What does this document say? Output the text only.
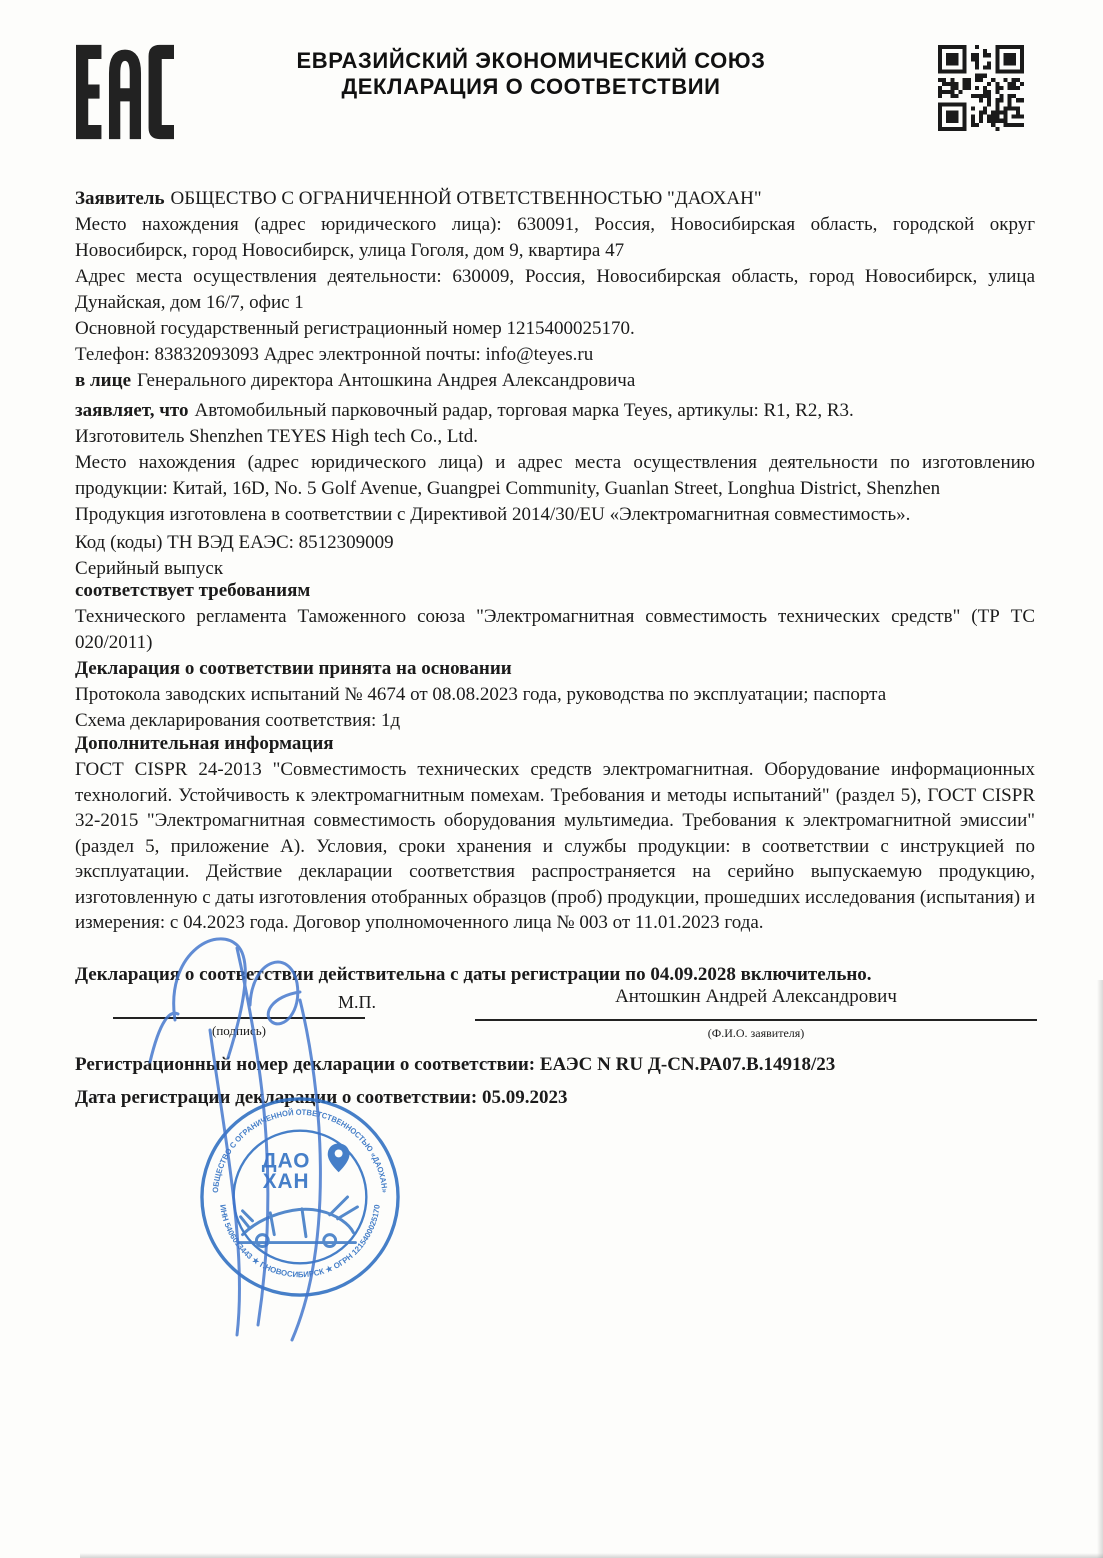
ЕВРАЗИЙСКИЙ ЭКОНОМИЧЕСКИЙ СОЮЗ
ДЕКЛАРАЦИЯ О СООТВЕТСТВИИ

Заявитель ОБЩЕСТВО С ОГРАНИЧЕННОЙ ОТВЕТСТВЕННОСТЬЮ "ДАОХАН"

Место нахождения (адрес юридического лица): 630091, Россия, Новосибирская область, городской округ Новосибирск, город Новосибирск, улица Гоголя, дом 9, квартира 47

Адрес места осуществления деятельности: 630009, Россия, Новосибирская область, город Новосибирск, улица Дунайская, дом 16/7, офис 1

Основной государственный регистрационный номер 1215400025170.

Телефон: 83832093093 Адрес электронной почты: info@teyes.ru

в лице Генерального директора Антошкина Андрея Александровича

заявляет, что Автомобильный парковочный радар, торговая марка Teyes, артикулы: R1, R2, R3.

Изготовитель Shenzhen TEYES High tech Co., Ltd.

Место нахождения (адрес юридического лица) и адрес места осуществления деятельности по изготовлению продукции: Китай, 16D, No. 5 Golf Avenue, Guangpei Community, Guanlan Street, Longhua District, Shenzhen

Продукция изготовлена в соответствии с Директивой 2014/30/EU «Электромагнитная совместимость».

Код (коды) ТН ВЭД ЕАЭС: 8512309009

Серийный выпуск

соответствует требованиям

Технического регламента Таможенного союза "Электромагнитная совместимость технических средств" (ТР ТС 020/2011)

Декларация о соответствии принята на основании

Протокола заводских испытаний № 4674 от 08.08.2023 года, руководства по эксплуатации; паспорта

Схема декларирования соответствия: 1д

Дополнительная информация

ГОСТ CISPR 24-2013 "Совместимость технических средств электромагнитная. Оборудование информационных технологий. Устойчивость к электромагнитным помехам. Требования и методы испытаний" (раздел 5), ГОСТ CISPR 32-2015 "Электромагнитная совместимость оборудования мультимедиа. Требования к электромагнитной эмиссии" (раздел 5, приложение А). Условия, сроки хранения и службы продукции: в соответствии с инструкцией по эксплуатации. Действие декларации соответствия распространяется на серийно выпускаемую продукцию, изготовленную с даты изготовления отобранных образцов (проб) продукции, прошедших исследования (испытания) и измерения: с 04.2023 года. Договор уполномоченного лица № 003 от 11.01.2023 года.

Декларация о соответствии действительна с даты регистрации по 04.09.2028 включительно.
М.П.	Антошкин Андрей Александрович
(подпись)	(Ф.И.О. заявителя)
Регистрационный номер декларации о соответствии: ЕАЭС N RU Д-CN.РА07.В.14918/23
Дата регистрации декларации о соответствии: 05.09.2023
ОБЩЕСТВО С ОГРАНИЧЕННОЙ ОТВЕТСТВЕННОСТЬЮ «ДАОХАН»
ИНН 5406013443 ★ Г.НОВОСИБИРСК ★ ОГРН 1215400025170
ДАО
ХАН
